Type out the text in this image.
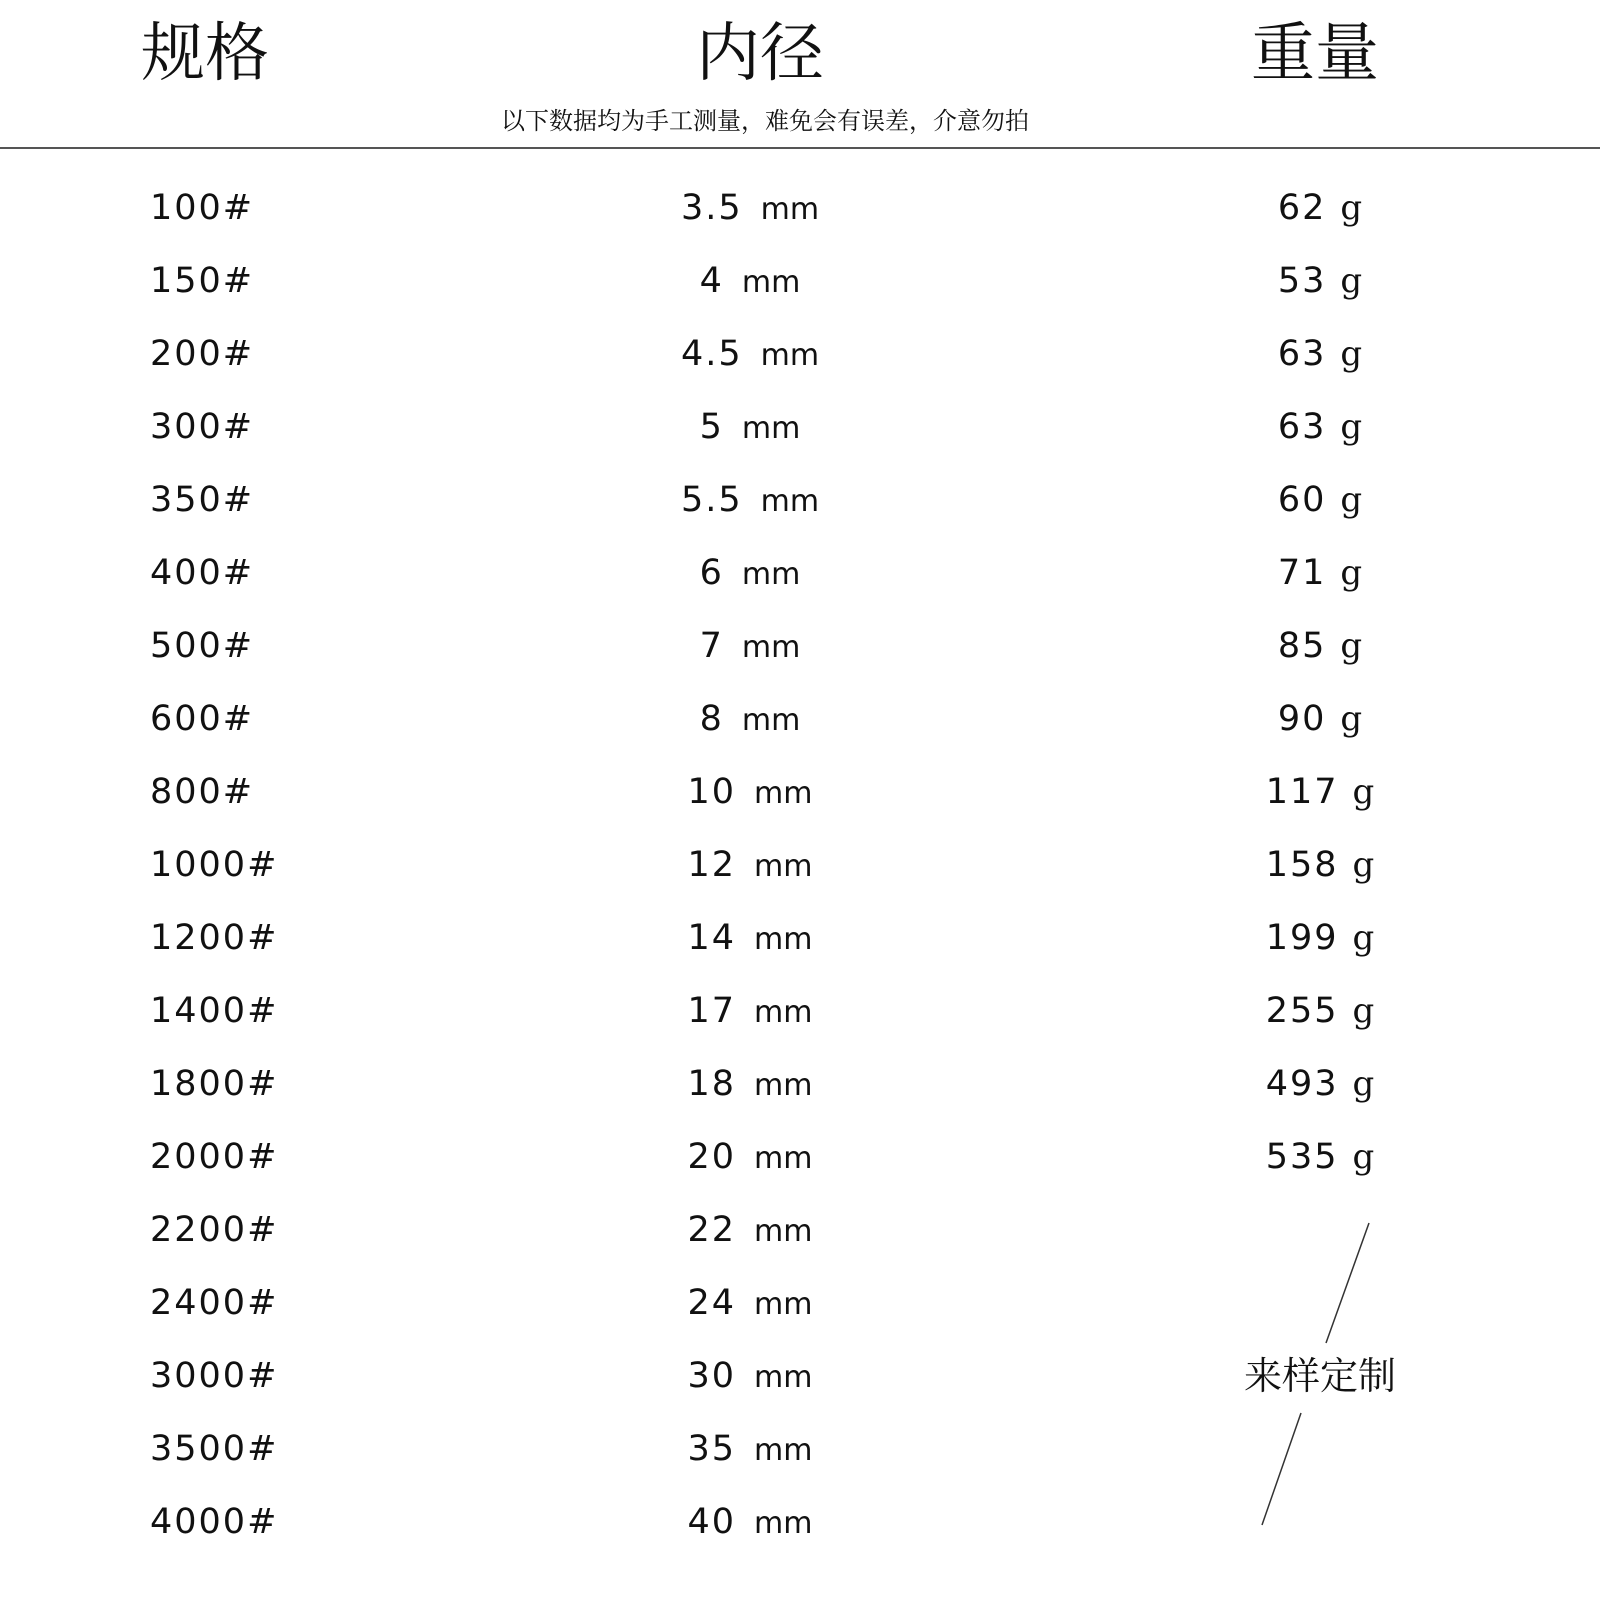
规格	内径	重量
以下数据均为手工测量，难免会有误差，介意勿拍
100#	3.5 mm	62 g
150#	4 mm	53 g
200#	4.5 mm	63 g
300#	5 mm	63 g
350#	5.5 mm	60 g
400#	6 mm	71 g
500#	7 mm	85 g
600#	8 mm	90 g
800#	10 mm	117 g
1000#	12 mm	158 g
1200#	14 mm	199 g
1400#	17 mm	255 g
1800#	18 mm	493 g
2000#	20 mm	535 g
2200#	22 mm
2400#	24 mm
3000#	30 mm
3500#	35 mm
4000#	40 mm
来样定制
